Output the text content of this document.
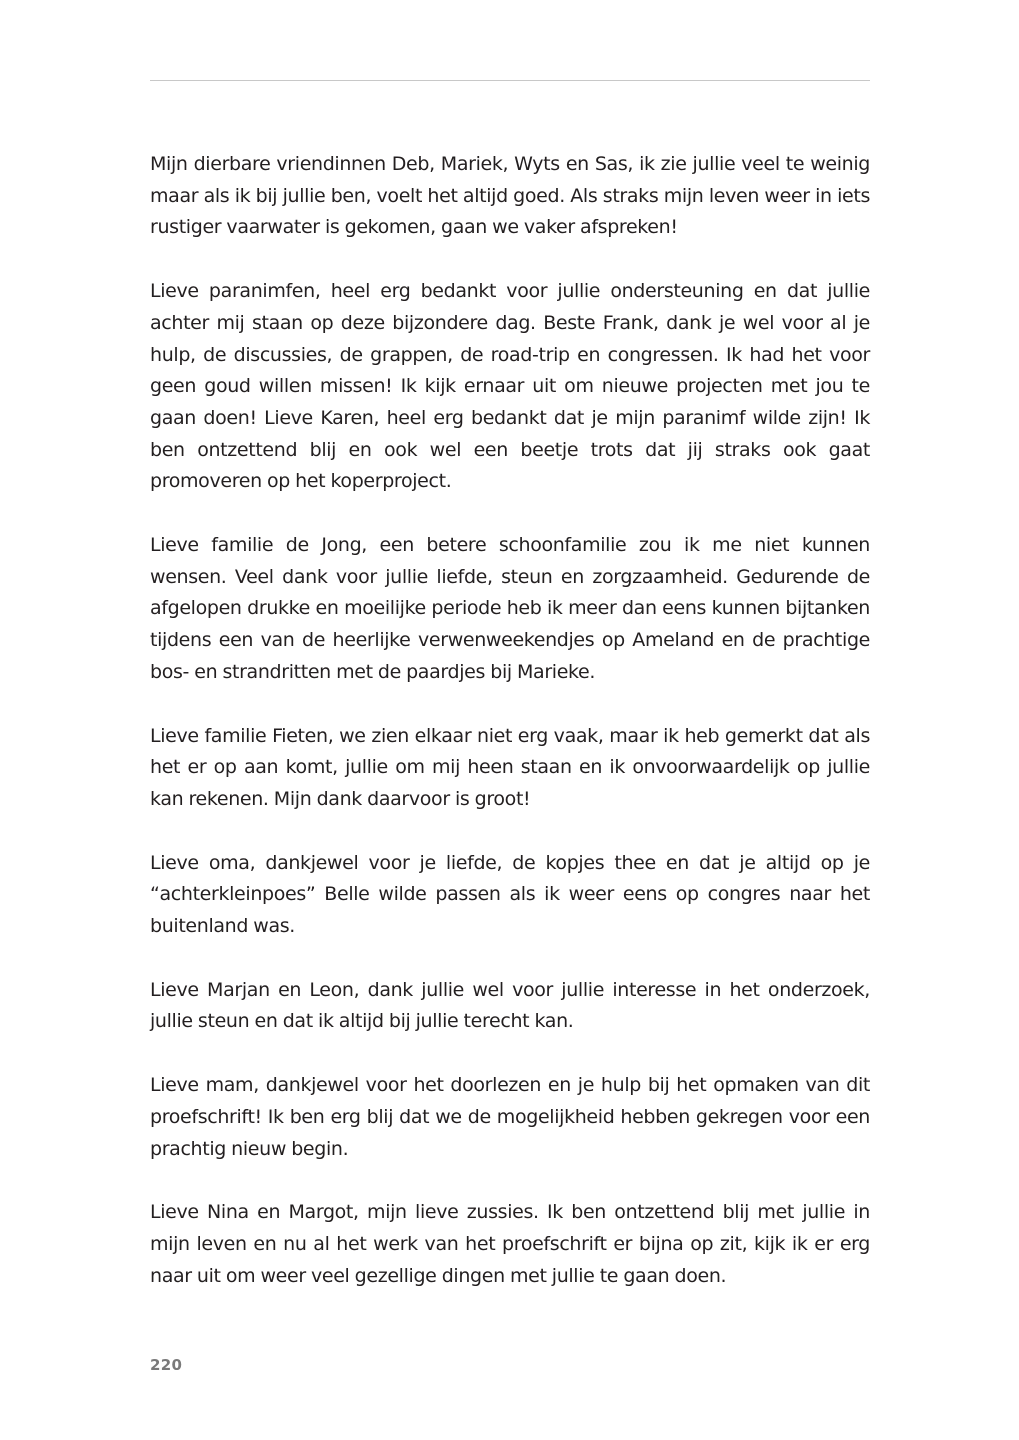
Mijn dierbare vriendinnen Deb, Mariek, Wyts en Sas, ik zie jullie veel te weinig maar als ik bij jullie ben, voelt het altijd goed. Als straks mijn leven weer in iets rustiger vaarwater is gekomen, gaan we vaker afspreken!

Lieve paranimfen, heel erg bedankt voor jullie ondersteuning en dat jullie achter mij staan op deze bijzondere dag. Beste Frank, dank je wel voor al je hulp, de discussies, de grappen, de road-trip en congressen. Ik had het voor geen goud willen missen! Ik kijk ernaar uit om nieuwe projecten met jou te gaan doen! Lieve Karen, heel erg bedankt dat je mijn paranimf wilde zijn! Ik ben ontzettend blij en ook wel een beetje trots dat jij straks ook gaat promoveren op het koperproject.

Lieve familie de Jong, een betere schoonfamilie zou ik me niet kunnen wensen. Veel dank voor jullie liefde, steun en zorgzaamheid. Gedurende de afgelopen drukke en moeilijke periode heb ik meer dan eens kunnen bijtanken tijdens een van de heerlijke verwenweekendjes op Ameland en de prachtige bos- en strandritten met de paardjes bij Marieke.

Lieve familie Fieten, we zien elkaar niet erg vaak, maar ik heb gemerkt dat als het er op aan komt, jullie om mij heen staan en ik onvoorwaardelijk op jullie kan rekenen. Mijn dank daarvoor is groot!

Lieve oma, dankjewel voor je liefde, de kopjes thee en dat je altijd op je “achterkleinpoes” Belle wilde passen als ik weer eens op congres naar het buitenland was.

Lieve Marjan en Leon, dank jullie wel voor jullie interesse in het onderzoek, jullie steun en dat ik altijd bij jullie terecht kan.

Lieve mam, dankjewel voor het doorlezen en je hulp bij het opmaken van dit proefschrift! Ik ben erg blij dat we de mogelijkheid hebben gekregen voor een prachtig nieuw begin.

Lieve Nina en Margot, mijn lieve zussies. Ik ben ontzettend blij met jullie in mijn leven en nu al het werk van het proefschrift er bijna op zit, kijk ik er erg naar uit om weer veel gezellige dingen met jullie te gaan doen.

220
